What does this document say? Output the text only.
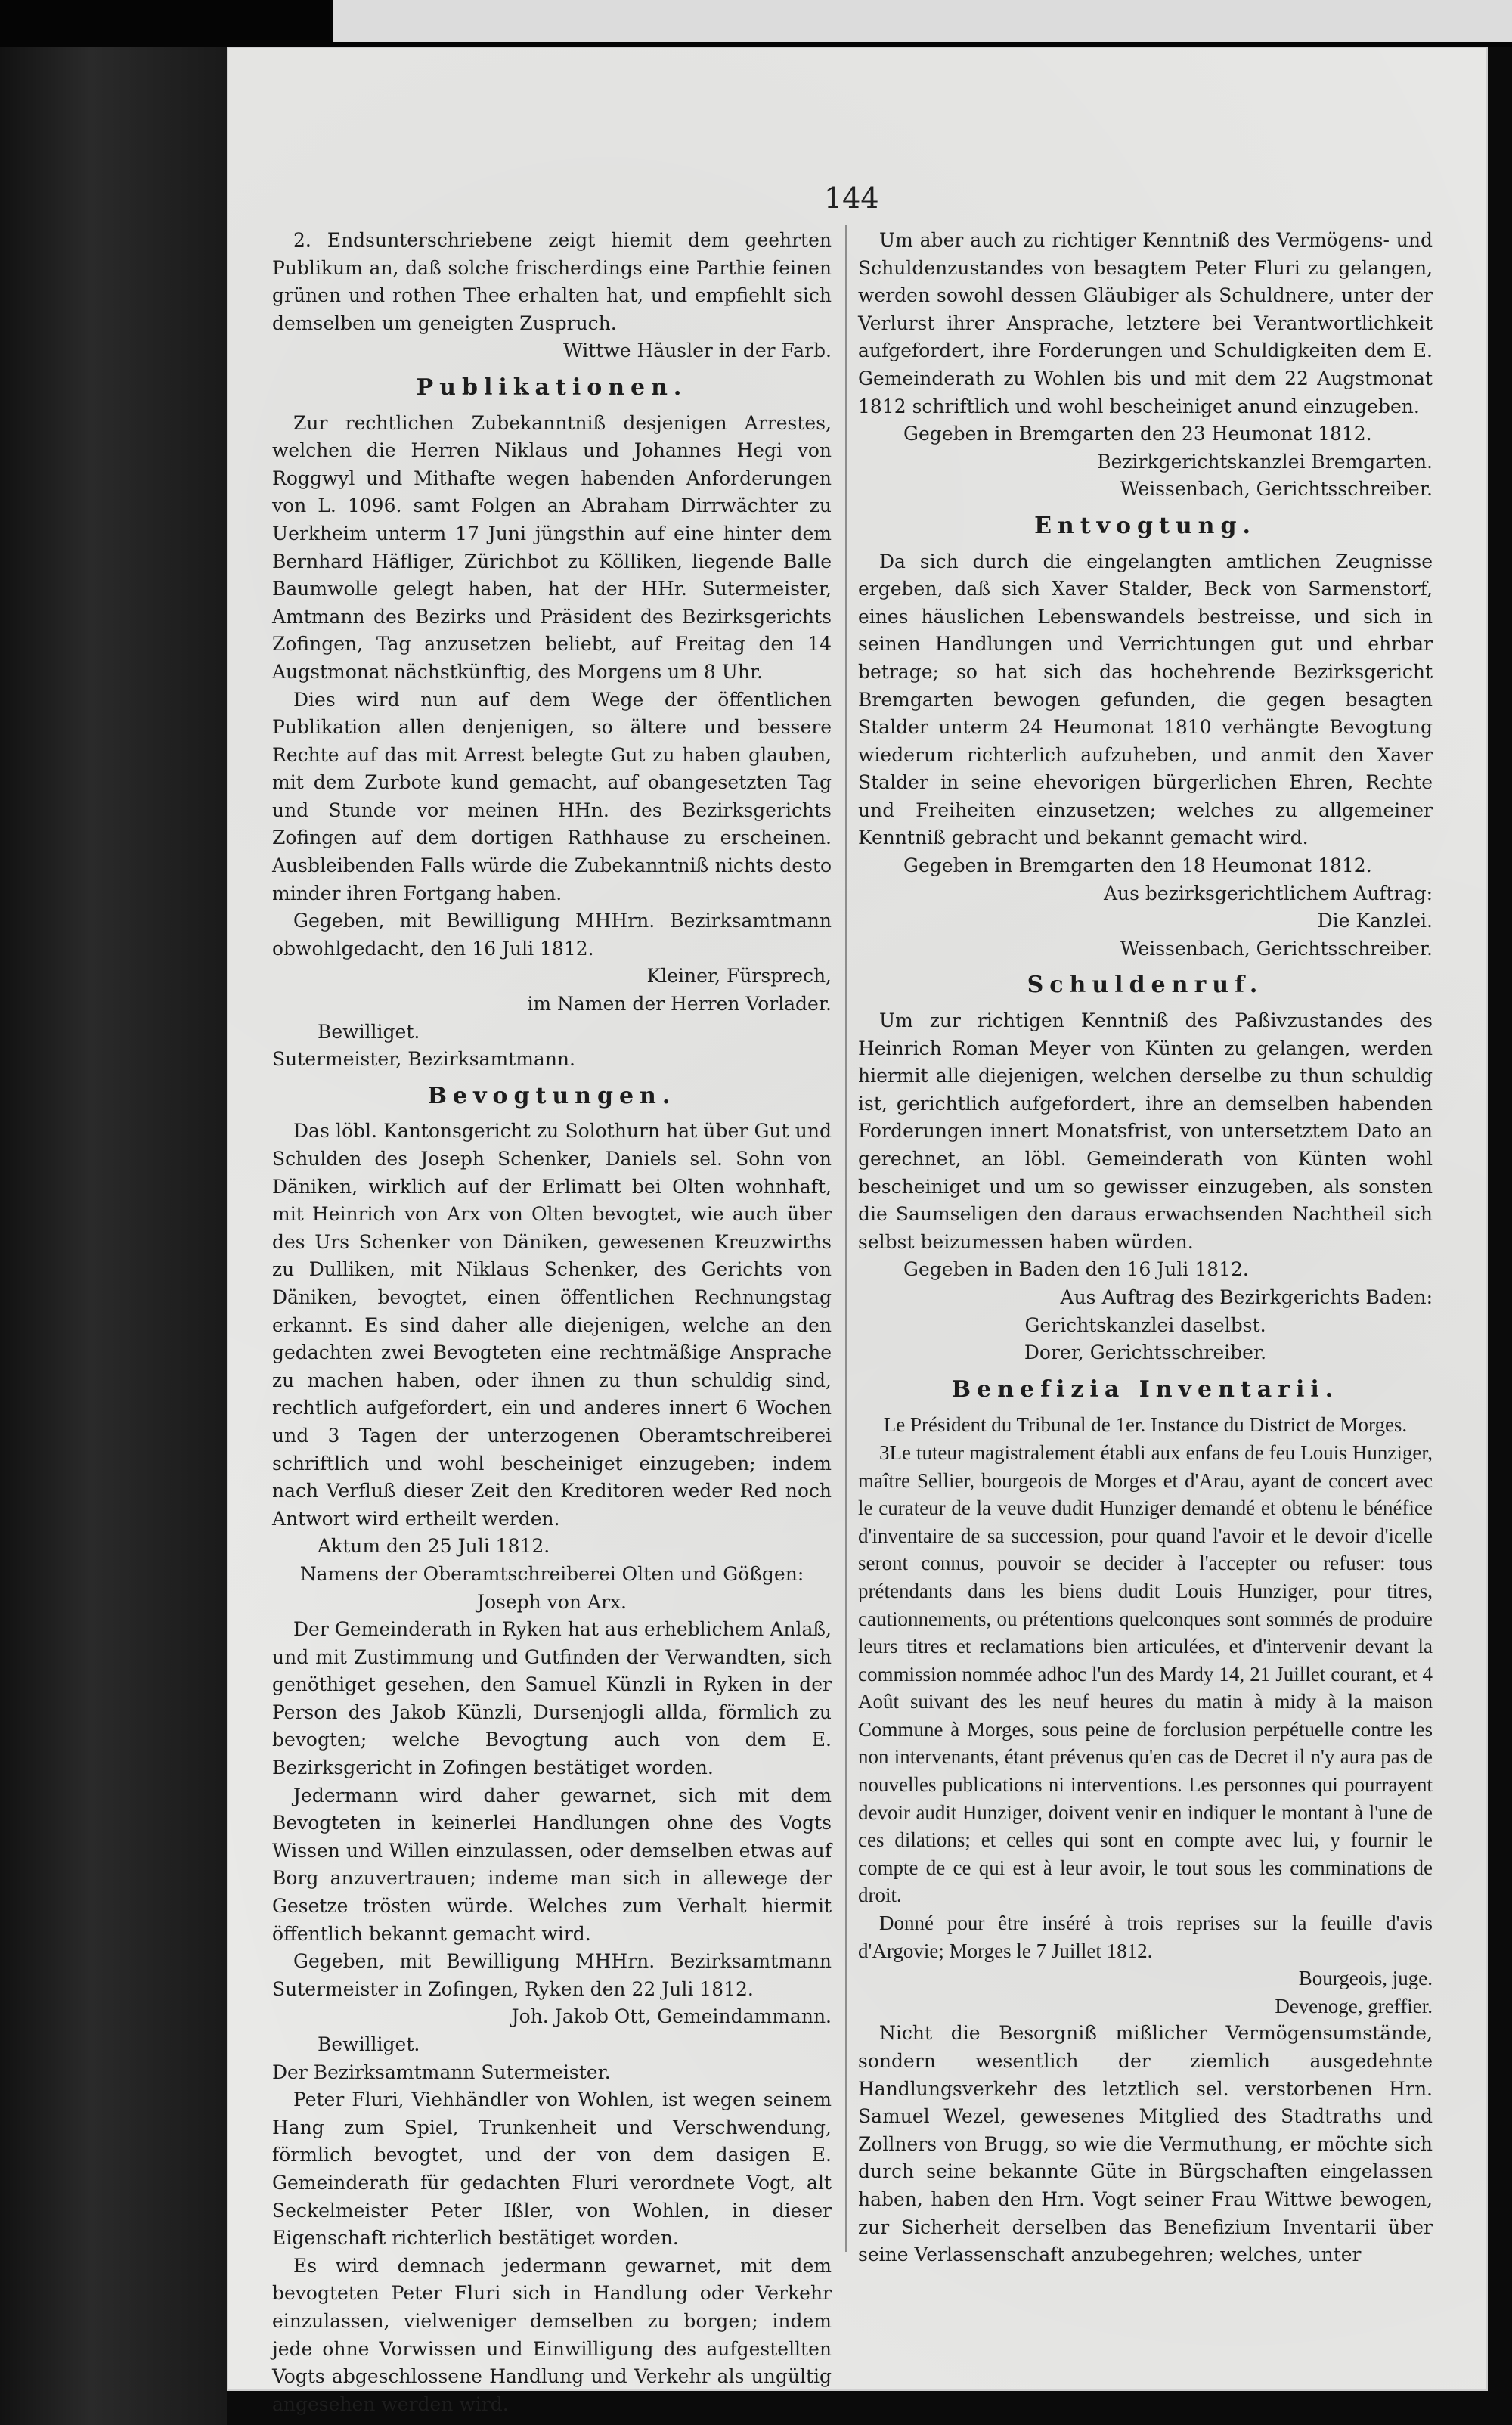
144

2. Endsunterschriebene zeigt hiemit dem geehrten Publikum an, daß solche frischerdings eine Parthie feinen grünen und rothen Thee erhalten hat, und empfiehlt sich demselben um geneigten Zuspruch.

Wittwe Häusler in der Farb.

Publikationen.

Zur rechtlichen Zubekanntniß desjenigen Arrestes, welchen die Herren Niklaus und Johannes Hegi von Roggwyl und Mithafte wegen habenden Anforderungen von L. 1096. samt Folgen an Abraham Dirrwächter zu Uerkheim unterm 17 Juni jüngsthin auf eine hinter dem Bernhard Häfliger, Zürichbot zu Kölliken, liegende Balle Baumwolle gelegt haben, hat der HHr. Sutermeister, Amtmann des Bezirks und Präsident des Bezirksgerichts Zofingen, Tag anzusetzen beliebt, auf Freitag den 14 Augstmonat nächstkünftig, des Morgens um 8 Uhr.

Dies wird nun auf dem Wege der öffentlichen Publikation allen denjenigen, so ältere und bessere Rechte auf das mit Arrest belegte Gut zu haben glauben, mit dem Zurbote kund gemacht, auf obangesetzten Tag und Stunde vor meinen HHn. des Bezirksgerichts Zofingen auf dem dortigen Rathhause zu erscheinen. Ausbleibenden Falls würde die Zubekanntniß nichts desto minder ihren Fortgang haben.

Gegeben, mit Bewilligung MHHrn. Bezirksamtmann obwohlgedacht, den 16 Juli 1812.

Kleiner, Fürsprech,

im Namen der Herren Vorlader.

Bewilliget.

Sutermeister, Bezirksamtmann.

Bevogtungen.

Das löbl. Kantonsgericht zu Solothurn hat über Gut und Schulden des Joseph Schenker, Daniels sel. Sohn von Däniken, wirklich auf der Erlimatt bei Olten wohnhaft, mit Heinrich von Arx von Olten bevogtet, wie auch über des Urs Schenker von Däniken, gewesenen Kreuzwirths zu Dulliken, mit Niklaus Schenker, des Gerichts von Däniken, bevogtet, einen öffentlichen Rechnungstag erkannt. Es sind daher alle diejenigen, welche an den gedachten zwei Bevogteten eine rechtmäßige Ansprache zu machen haben, oder ihnen zu thun schuldig sind, rechtlich aufgefordert, ein und anderes innert 6 Wochen und 3 Tagen der unterzogenen Oberamtschreiberei schriftlich und wohl bescheiniget einzugeben; indem nach Verfluß dieser Zeit den Kreditoren weder Red noch Antwort wird ertheilt werden.

Aktum den 25 Juli 1812.

Namens der Oberamtschreiberei Olten und Gößgen:

Joseph von Arx.

Der Gemeinderath in Ryken hat aus erheblichem Anlaß, und mit Zustimmung und Gutfinden der Verwandten, sich genöthiget gesehen, den Samuel Künzli in Ryken in der Person des Jakob Künzli, Dursenjogli allda, förmlich zu bevogten; welche Bevogtung auch von dem E. Bezirksgericht in Zofingen bestätiget worden.

Jedermann wird daher gewarnet, sich mit dem Bevogteten in keinerlei Handlungen ohne des Vogts Wissen und Willen einzulassen, oder demselben etwas auf Borg anzuvertrauen; indeme man sich in allewege der Gesetze trösten würde. Welches zum Verhalt hiermit öffentlich bekannt gemacht wird.

Gegeben, mit Bewilligung MHHrn. Bezirksamtmann Sutermeister in Zofingen, Ryken den 22 Juli 1812.

Joh. Jakob Ott, Gemeindammann.

Bewilliget.

Der Bezirksamtmann Sutermeister.

Peter Fluri, Viehhändler von Wohlen, ist wegen seinem Hang zum Spiel, Trunkenheit und Verschwendung, förmlich bevogtet, und der von dem dasigen E. Gemeinderath für gedachten Fluri verordnete Vogt, alt Seckelmeister Peter Ißler, von Wohlen, in dieser Eigenschaft richterlich bestätiget worden.

Es wird demnach jedermann gewarnet, mit dem bevogteten Peter Fluri sich in Handlung oder Verkehr einzulassen, vielweniger demselben zu borgen; indem jede ohne Vorwissen und Einwilligung des aufgestellten Vogts abgeschlossene Handlung und Verkehr als ungültig angesehen werden wird.

Um aber auch zu richtiger Kenntniß des Vermögens- und Schuldenzustandes von besagtem Peter Fluri zu gelangen, werden sowohl dessen Gläubiger als Schuldnere, unter der Verlurst ihrer Ansprache, letztere bei Verantwortlichkeit aufgefordert, ihre Forderungen und Schuldigkeiten dem E. Gemeinderath zu Wohlen bis und mit dem 22 Augstmonat 1812 schriftlich und wohl bescheiniget anund einzugeben.

Gegeben in Bremgarten den 23 Heumonat 1812.

Bezirkgerichtskanzlei Bremgarten.

Weissenbach, Gerichtsschreiber.

Entvogtung.

Da sich durch die eingelangten amtlichen Zeugnisse ergeben, daß sich Xaver Stalder, Beck von Sarmenstorf, eines häuslichen Lebenswandels bestreisse, und sich in seinen Handlungen und Verrichtungen gut und ehrbar betrage; so hat sich das hochehrende Bezirksgericht Bremgarten bewogen gefunden, die gegen besagten Stalder unterm 24 Heumonat 1810 verhängte Bevogtung wiederum richterlich aufzuheben, und anmit den Xaver Stalder in seine ehevorigen bürgerlichen Ehren, Rechte und Freiheiten einzusetzen; welches zu allgemeiner Kenntniß gebracht und bekannt gemacht wird.

Gegeben in Bremgarten den 18 Heumonat 1812.

Aus bezirksgerichtlichem Auftrag:

Die Kanzlei.

Weissenbach, Gerichtsschreiber.

Schuldenruf.

Um zur richtigen Kenntniß des Paßivzustandes des Heinrich Roman Meyer von Künten zu gelangen, werden hiermit alle diejenigen, welchen derselbe zu thun schuldig ist, gerichtlich aufgefordert, ihre an demselben habenden Forderungen innert Monatsfrist, von untersetztem Dato an gerechnet, an löbl. Gemeinderath von Künten wohl bescheiniget und um so gewisser einzugeben, als sonsten die Saumseligen den daraus erwachsenden Nachtheil sich selbst beizumessen haben würden.

Gegeben in Baden den 16 Juli 1812.

Aus Auftrag des Bezirkgerichts Baden:

Gerichtskanzlei daselbst.

Dorer, Gerichtsschreiber.

Benefizia Inventarii.

Le Président du Tribunal de 1er. Instance du District de Morges.

3Le tuteur magistralement établi aux enfans de feu Louis Hunziger, maître Sellier, bourgeois de Morges et d'Arau, ayant de concert avec le curateur de la veuve dudit Hunziger demandé et obtenu le bénéfice d'inventaire de sa succession, pour quand l'avoir et le devoir d'icelle seront connus, pouvoir se decider à l'accepter ou refuser: tous prétendants dans les biens dudit Louis Hunziger, pour titres, cautionnements, ou prétentions quelconques sont sommés de produire leurs titres et reclamations bien articulées, et d'intervenir devant la commission nommée adhoc l'un des Mardy 14, 21 Juillet courant, et 4 Août suivant des les neuf heures du matin à midy à la maison Commune à Morges, sous peine de forclusion perpétuelle contre les non intervenants, étant prévenus qu'en cas de Decret il n'y aura pas de nouvelles publications ni interventions. Les personnes qui pourrayent devoir audit Hunziger, doivent venir en indiquer le montant à l'une de ces dilations; et celles qui sont en compte avec lui, y fournir le compte de ce qui est à leur avoir, le tout sous les comminations de droit.

Donné pour être inséré à trois reprises sur la feuille d'avis d'Argovie; Morges le 7 Juillet 1812.

Bourgeois, juge.

Devenoge, greffier.

Nicht die Besorgniß mißlicher Vermögensumstände, sondern wesentlich der ziemlich ausgedehnte Handlungsverkehr des letztlich sel. verstorbenen Hrn. Samuel Wezel, gewesenes Mitglied des Stadtraths und Zollners von Brugg, so wie die Vermuthung, er möchte sich durch seine bekannte Güte in Bürgschaften eingelassen haben, haben den Hrn. Vogt seiner Frau Wittwe bewogen, zur Sicherheit derselben das Benefizium Inventarii über seine Verlassenschaft anzubegehren; welches, unter
